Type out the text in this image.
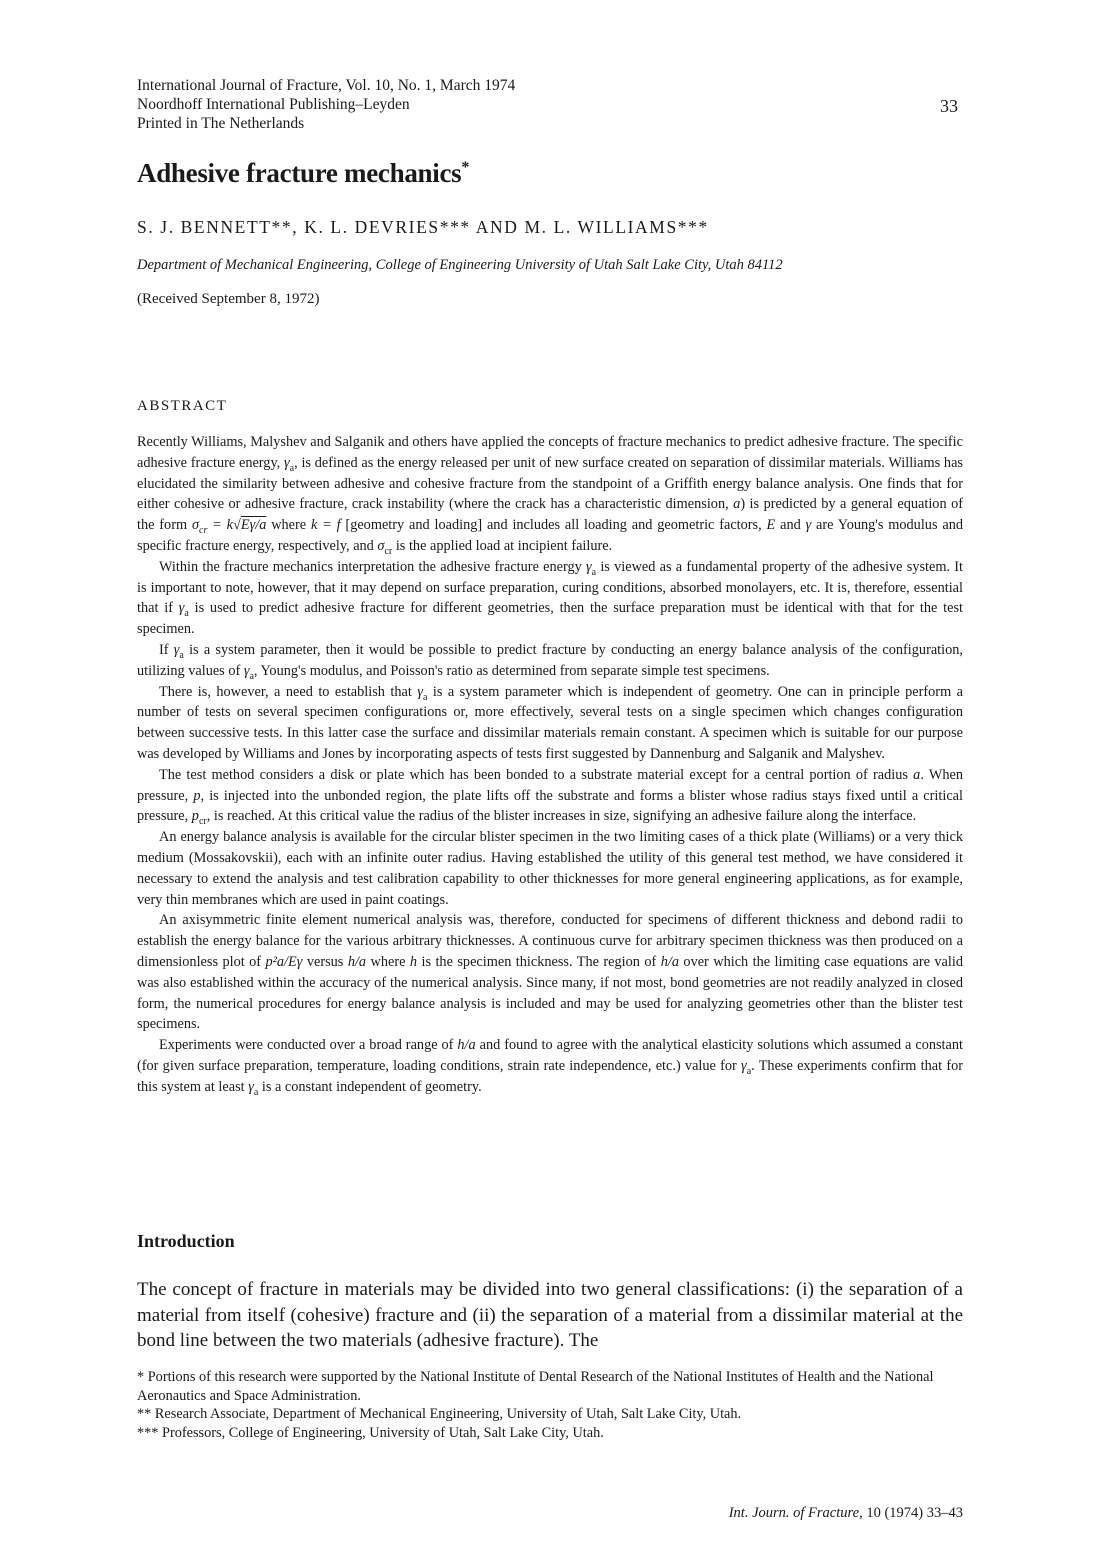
International Journal of Fracture, Vol. 10, No. 1, March 1974
Noordhoff International Publishing–Leyden
Printed in The Netherlands
33
Adhesive fracture mechanics*
S. J. BENNETT**, K. L. DEVRIES*** AND M. L. WILLIAMS***
Department of Mechanical Engineering, College of Engineering University of Utah Salt Lake City, Utah 84112
(Received September 8, 1972)
ABSTRACT

Recently Williams, Malyshev and Salganik and others have applied the concepts of fracture mechanics to predict adhesive fracture. The specific adhesive fracture energy, $\gamma_a$, is defined as the energy released per unit of new surface created on separation of dissimilar materials. Williams has elucidated the similarity between adhesive and cohesive fracture from the standpoint of a Griffith energy balance analysis. One finds that for either cohesive or adhesive fracture, crack instability (where the crack has a characteristic dimension, a) is predicted by a general equation of the form $\sigma_{cr} = k√E\gamma/a$ where k = f [geometry and loading] and includes all loading and geometric factors, E and γ are Young's modulus and specific fracture energy, respectively, and $\sigma_{cr}$ is the applied load at incipient failure.

Within the fracture mechanics interpretation the adhesive fracture energy $\gamma_a$ is viewed as a fundamental property of the adhesive system. It is important to note, however, that it may depend on surface preparation, curing conditions, absorbed monolayers, etc. It is, therefore, essential that if $\gamma_a$ is used to predict adhesive fracture for different geometries, then the surface preparation must be identical with that for the test specimen.

If $\gamma_a$ is a system parameter, then it would be possible to predict fracture by conducting an energy balance analysis of the configuration, utilizing values of $\gamma_a$, Young's modulus, and Poisson's ratio as determined from separate simple test specimens.

There is, however, a need to establish that $\gamma_a$ is a system parameter which is independent of geometry. One can in principle perform a number of tests on several specimen configurations or, more effectively, several tests on a single specimen which changes configuration between successive tests. In this latter case the surface and dissimilar materials remain constant. A specimen which is suitable for our purpose was developed by Williams and Jones by incorporating aspects of tests first suggested by Dannenburg and Salganik and Malyshev.

The test method considers a disk or plate which has been bonded to a substrate material except for a central portion of radius a. When pressure, p, is injected into the unbonded region, the plate lifts off the substrate and forms a blister whose radius stays fixed until a critical pressure, $p_{cr}$, is reached. At this critical value the radius of the blister increases in size, signifying an adhesive failure along the interface.

An energy balance analysis is available for the circular blister specimen in the two limiting cases of a thick plate (Williams) or a very thick medium (Mossakovskii), each with an infinite outer radius. Having established the utility of this general test method, we have considered it necessary to extend the analysis and test calibration capability to other thicknesses for more general engineering applications, as for example, very thin membranes which are used in paint coatings.

An axisymmetric finite element numerical analysis was, therefore, conducted for specimens of different thickness and debond radii to establish the energy balance for the various arbitrary thicknesses. A continuous curve for arbitrary specimen thickness was then produced on a dimensionless plot of p²a/Eγ versus h/a where h is the specimen thickness. The region of h/a over which the limiting case equations are valid was also established within the accuracy of the numerical analysis. Since many, if not most, bond geometries are not readily analyzed in closed form, the numerical procedures for energy balance analysis is included and may be used for analyzing geometries other than the blister test specimens.

Experiments were conducted over a broad range of h/a and found to agree with the analytical elasticity solutions which assumed a constant (for given surface preparation, temperature, loading conditions, strain rate independence, etc.) value for $\gamma_a$. These experiments confirm that for this system at least $\gamma_a$ is a constant independent of geometry.

Introduction
The concept of fracture in materials may be divided into two general classifications: (i) the separation of a material from itself (cohesive) fracture and (ii) the separation of a material from a dissimilar material at the bond line between the two materials (adhesive fracture). The

* Portions of this research were supported by the National Institute of Dental Research of the National Institutes of Health and the National Aeronautics and Space Administration.

** Research Associate, Department of Mechanical Engineering, University of Utah, Salt Lake City, Utah.

*** Professors, College of Engineering, University of Utah, Salt Lake City, Utah.

Int. Journ. of Fracture, 10 (1974) 33–43
